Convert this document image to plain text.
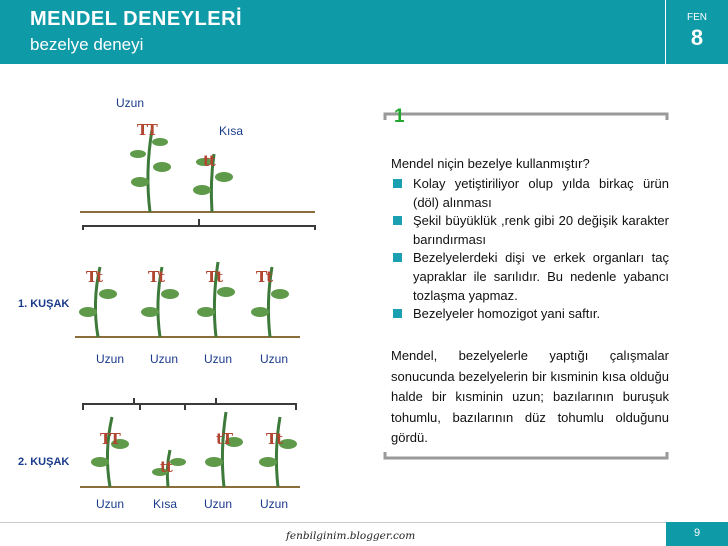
MENDEL DENEYLERİ
bezelye deneyi
FEN
8
Uzun
TT	Kısa
tt
1. KUŞAK
Tt	Tt	Tt Tt
Uzun Uzun Uzun Uzun
2. KUŞAK
TT
tt
tT Tt
Uzun Kısa Uzun Uzun
1
Mendel niçin bezelye kullanmıştır?
Kolay yetiştiriliyor olup yılda birkaç ürün (döl) alınması
Şekil büyüklük ,renk gibi 20 değişik karakter barındırması
Bezelyelerdeki dişi ve erkek organları taç yapraklar ile sarılıdır. Bu nedenle yabancı tozlaşma yapmaz.
Bezelyeler homozigot yani saftır.
Mendel, bezelyelerle yaptığı çalışmalar sonucunda bezelyelerin bir kısminin kısa olduğu halde bir kısminin uzun; bazılarının buruşuk tohumlu, bazılarının düz tohumlu olduğunu gördü.
fenbilginim.blogger.com	9
